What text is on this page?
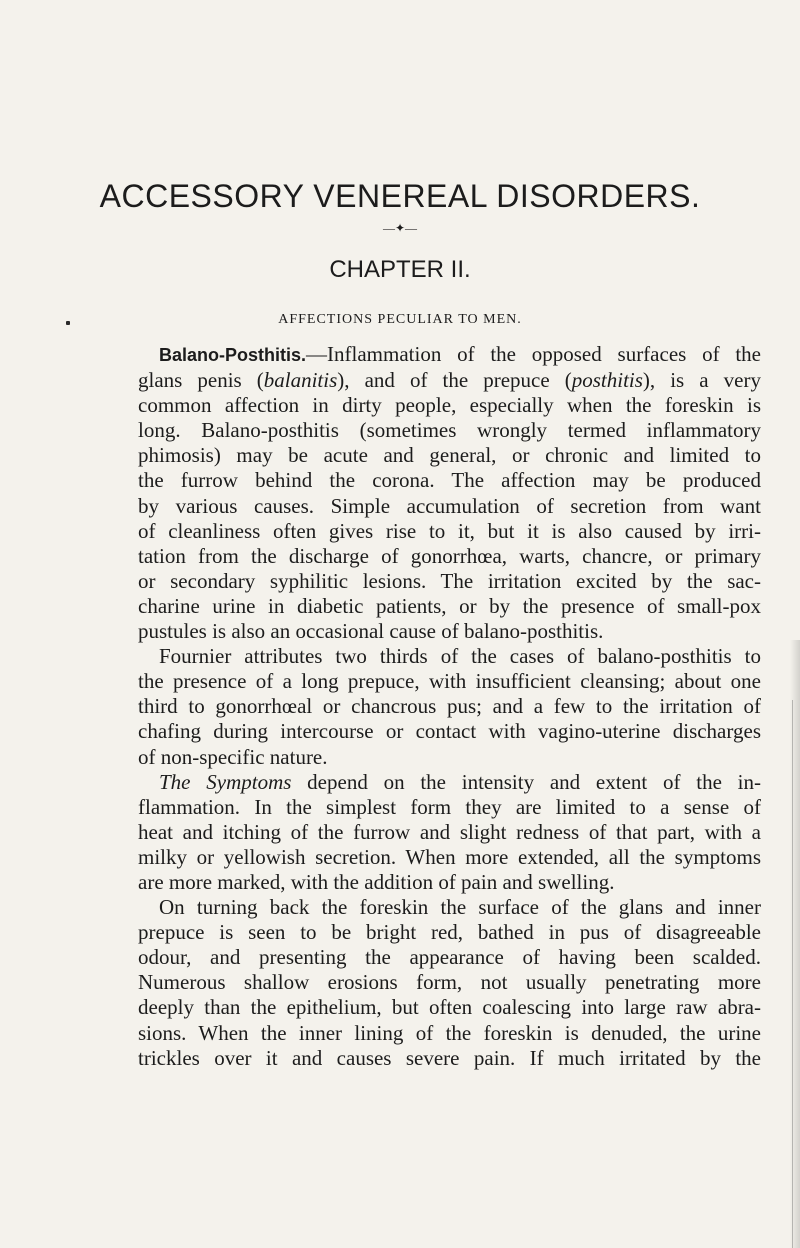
ACCESSORY VENEREAL DISORDERS.
—✦—
CHAPTER II.
AFFECTIONS PECULIAR TO MEN.
Balano-Posthitis.—Inflammation of the opposed surfaces of the
glans penis (balanitis), and of the prepuce (posthitis), is a very
common affection in dirty people, especially when the foreskin is
long. Balano-posthitis (sometimes wrongly termed inflammatory
phimosis) may be acute and general, or chronic and limited to
the furrow behind the corona. The affection may be produced
by various causes. Simple accumulation of secretion from want
of cleanliness often gives rise to it, but it is also caused by irri-
tation from the discharge of gonorrhœa, warts, chancre, or primary
or secondary syphilitic lesions. The irritation excited by the sac-
charine urine in diabetic patients, or by the presence of small-pox
pustules is also an occasional cause of balano-posthitis.
Fournier attributes two thirds of the cases of balano-posthitis to
the presence of a long prepuce, with insufficient cleansing; about one
third to gonorrhœal or chancrous pus; and a few to the irritation of
chafing during intercourse or contact with vagino-uterine discharges
of non-specific nature.
The Symptoms depend on the intensity and extent of the in-
flammation. In the simplest form they are limited to a sense of
heat and itching of the furrow and slight redness of that part, with a
milky or yellowish secretion. When more extended, all the symptoms
are more marked, with the addition of pain and swelling.
On turning back the foreskin the surface of the glans and inner
prepuce is seen to be bright red, bathed in pus of disagreeable
odour, and presenting the appearance of having been scalded.
Numerous shallow erosions form, not usually penetrating more
deeply than the epithelium, but often coalescing into large raw abra-
sions. When the inner lining of the foreskin is denuded, the urine
trickles over it and causes severe pain. If much irritated by the
